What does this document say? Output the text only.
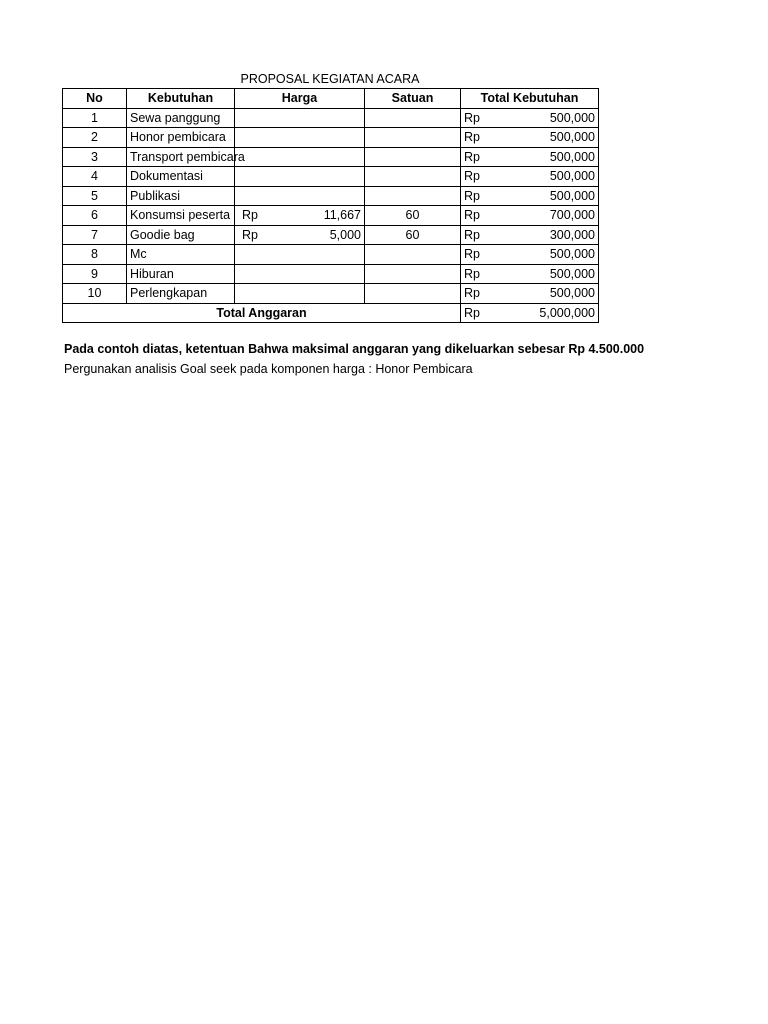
PROPOSAL KEGIATAN ACARA
No	Kebutuhan	Harga	Satuan	Total Kebutuhan
1	Sewa panggung			Rp 500,000

2	Honor pembicara			Rp 500,000

3	Transport pembicara			Rp 500,000

4	Dokumentasi			Rp 500,000

5	Publikasi			Rp 500,000

6	Konsumsi peserta	Rp 11,667	60	Rp 700,000

7	Goodie bag	Rp 5,000	60	Rp 300,000

8	Mc			Rp 500,000

9	Hiburan			Rp 500,000

10	Perlengkapan			Rp 500,000

Total Anggaran				Rp 5,000,000
Pada contoh diatas, ketentuan Bahwa maksimal anggaran yang dikeluarkan sebesar Rp 4.500.000
Pergunakan analisis Goal seek pada komponen harga : Honor Pembicara
